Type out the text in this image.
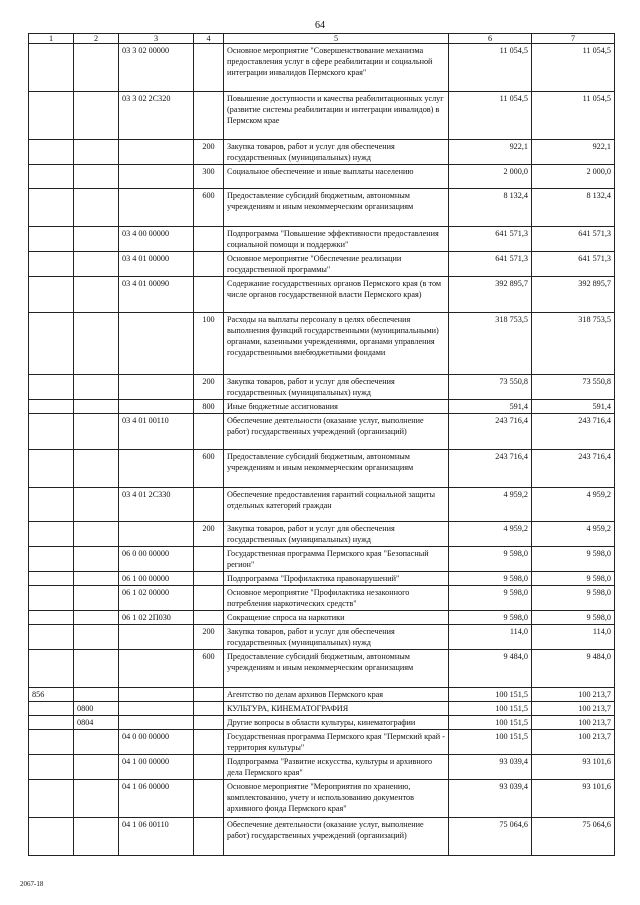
64
1	2	3	4	5	6	7
		03 3 02 00000		Основное мероприятие "Совершенствование механизма предоставления услуг в сфере реабилитации и социальной интеграции инвалидов Пермского края"	11 054,5	11 054,5
		03 3 02 2C320		Повышение доступности и качества реабилитационных услуг (развитие системы реабилитации и интеграции инвалидов) в Пермском крае	11 054,5	11 054,5
			200	Закупка товаров, работ и услуг для обеспечения государственных (муниципальных) нужд	922,1	922,1
			300	Социальное обеспечение и иные выплаты населению	2 000,0	2 000,0
			600	Предоставление субсидий бюджетным, автономным учреждениям и иным некоммерческим организациям	8 132,4	8 132,4
		03 4 00 00000		Подпрограмма "Повышение эффективности предоставления социальной помощи и поддержки"	641 571,3	641 571,3
		03 4 01 00000		Основное мероприятие "Обеспечение реализации государственной программы"	641 571,3	641 571,3
		03 4 01 00090		Содержание государственных органов Пермского края (в том числе органов государственной власти Пермского края)	392 895,7	392 895,7
			100	Расходы на выплаты персоналу в целях обеспечения выполнения функций государственными (муниципальными) органами, казенными учреждениями, органами управления государственными внебюджетными фондами	318 753,5	318 753,5
			200	Закупка товаров, работ и услуг для обеспечения государственных (муниципальных) нужд	73 550,8	73 550,8
			800	Иные бюджетные ассигнования	591,4	591,4
		03 4 01 00110		Обеспечение деятельности (оказание услуг, выполнение работ) государственных учреждений (организаций)	243 716,4	243 716,4
			600	Предоставление субсидий бюджетным, автономным учреждениям и иным некоммерческим организациям	243 716,4	243 716,4
		03 4 01 2C330		Обеспечение предоставления гарантий социальной защиты отдельных категорий граждан	4 959,2	4 959,2
			200	Закупка товаров, работ и услуг для обеспечения государственных (муниципальных) нужд	4 959,2	4 959,2
		06 0 00 00000		Государственная программа Пермского края "Безопасный регион"	9 598,0	9 598,0
		06 1 00 00000		Подпрограмма "Профилактика правонарушений"	9 598,0	9 598,0
		06 1 02 00000		Основное мероприятие "Профилактика незаконного потребления наркотических средств"	9 598,0	9 598,0
		06 1 02 2П030		Сокращение спроса на наркотики	9 598,0	9 598,0
			200	Закупка товаров, работ и услуг для обеспечения государственных (муниципальных) нужд	114,0	114,0
			600	Предоставление субсидий бюджетным, автономным учреждениям и иным некоммерческим организациям	9 484,0	9 484,0
856				Агентство по делам архивов Пермского края	100 151,5	100 213,7
	0800			КУЛЬТУРА, КИНЕМАТОГРАФИЯ	100 151,5	100 213,7
	0804			Другие вопросы в области культуры, кинематографии	100 151,5	100 213,7
		04 0 00 00000		Государственная программа Пермского края "Пермский край - территория культуры"	100 151,5	100 213,7
		04 1 00 00000		Подпрограмма "Развитие искусства, культуры и архивного дела Пермского края"	93 039,4	93 101,6
		04 1 06 00000		Основное мероприятие "Мероприятия по хранению, комплектованию, учету и использованию документов архивного фонда Пермского края"	93 039,4	93 101,6
		04 1 06 00110		Обеспечение деятельности (оказание услуг, выполнение работ) государственных учреждений (организаций)	75 064,6	75 064,6
2067-18
